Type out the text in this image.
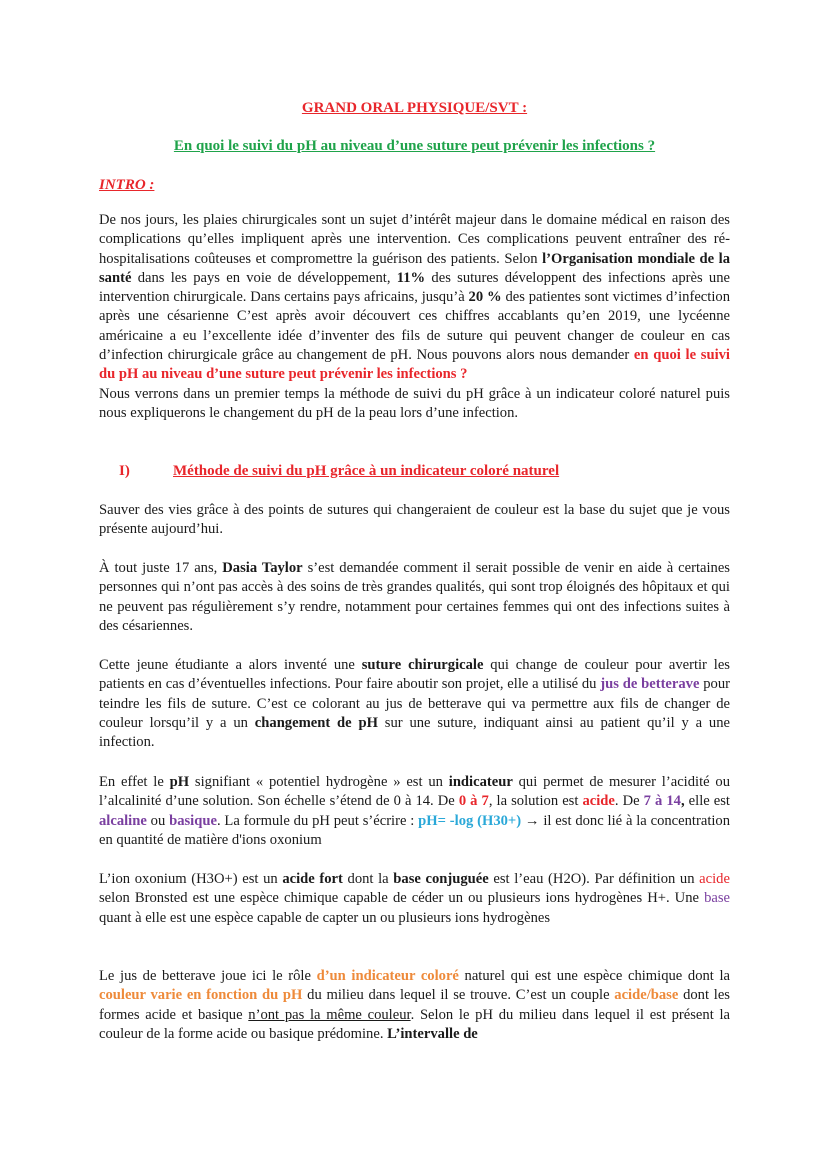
GRAND ORAL PHYSIQUE/SVT :
En quoi le suivi du pH au niveau d’une suture peut prévenir les infections ?
INTRO :

De nos jours, les plaies chirurgicales sont un sujet d’intérêt majeur dans le domaine médical en raison des complications qu’elles impliquent après une intervention. Ces complications peuvent entraîner des ré-hospitalisations coûteuses et compromettre la guérison des patients. Selon l’Organisation mondiale de la santé dans les pays en voie de développement, 11% des sutures développent des infections après une intervention chirurgicale. Dans certains pays africains, jusqu’à 20 % des patientes sont victimes d’infection après une césarienne C’est après avoir découvert ces chiffres accablants qu’en 2019, une lycéenne américaine a eu l’excellente idée d’inventer des fils de suture qui peuvent changer de couleur en cas d’infection chirurgicale grâce au changement de pH. Nous pouvons alors nous demander en quoi le suivi du pH au niveau d’une suture peut prévenir les infections ?

Nous verrons dans un premier temps la méthode de suivi du pH grâce à un indicateur coloré naturel puis nous expliquerons le changement du pH de la peau lors d’une infection.

I)	Méthode de suivi du pH grâce à un indicateur coloré naturel

Sauver des vies grâce à des points de sutures qui changeraient de couleur est la base du sujet que je vous présente aujourd’hui.

À tout juste 17 ans, Dasia Taylor s’est demandée comment il serait possible de venir en aide à certaines personnes qui n’ont pas accès à des soins de très grandes qualités, qui sont trop éloignés des hôpitaux et qui ne peuvent pas régulièrement s’y rendre, notamment pour certaines femmes qui ont des infections suites à des césariennes.

Cette jeune étudiante a alors inventé une suture chirurgicale qui change de couleur pour avertir les patients en cas d’éventuelles infections. Pour faire aboutir son projet, elle a utilisé du jus de betterave pour teindre les fils de suture. C’est ce colorant au jus de betterave qui va permettre aux fils de changer de couleur lorsqu’il y a un changement de pH sur une suture, indiquant ainsi au patient qu’il y a une infection.

En effet le pH signifiant « potentiel hydrogène » est un indicateur qui permet de mesurer l’acidité ou l’alcalinité d’une solution. Son échelle s’étend de 0 à 14. De 0 à 7, la solution est acide. De 7 à 14, elle est alcaline ou basique. La formule du pH peut s’écrire : pH= -log (H30+) → il est donc lié à la concentration en quantité de matière d'ions oxonium

L’ion oxonium (H3O+) est un acide fort dont la base conjuguée est l’eau (H2O). Par définition un acide selon Bronsted est une espèce chimique capable de céder un ou plusieurs ions hydrogènes H+. Une base quant à elle est une espèce capable de capter un ou plusieurs ions hydrogènes

Le jus de betterave joue ici le rôle d’un indicateur coloré naturel qui est une espèce chimique dont la couleur varie en fonction du pH du milieu dans lequel il se trouve. C’est un couple acide/base dont les formes acide et basique n’ont pas la même couleur. Selon le pH du milieu dans lequel il est présent la couleur de la forme acide ou basique prédomine. L’intervalle de
